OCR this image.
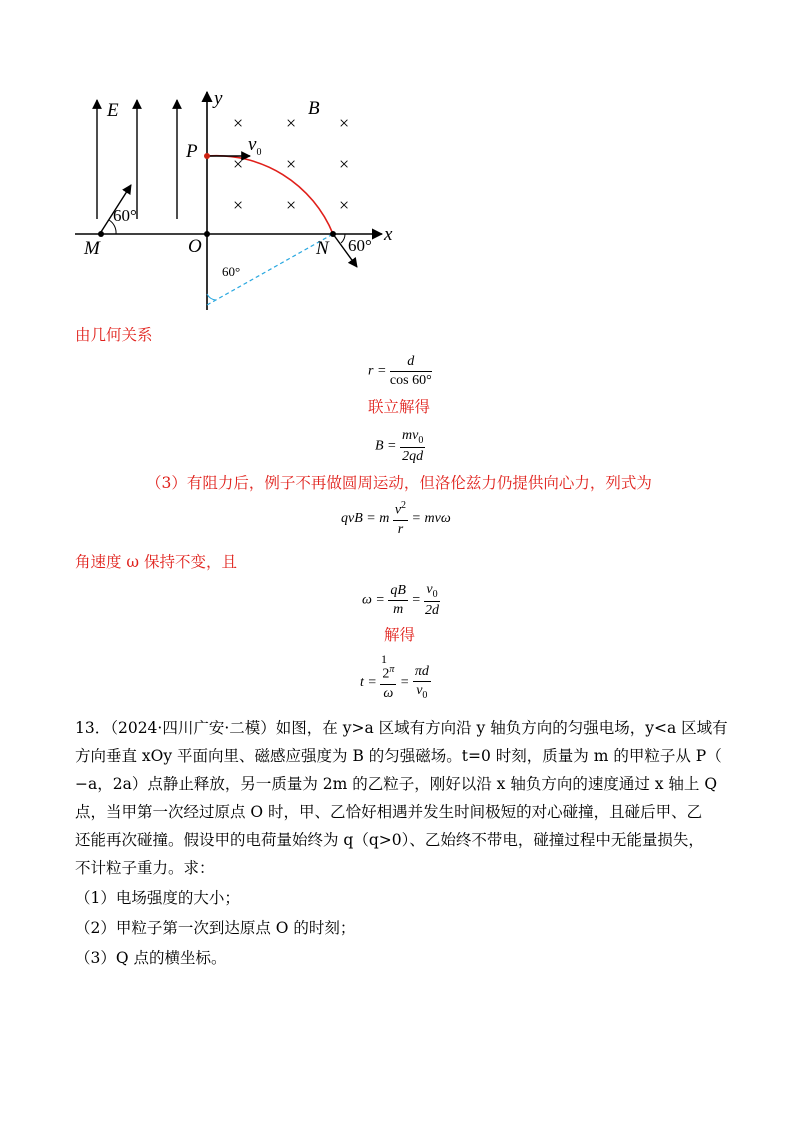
E
y	B
P	$v_0$
M	O	N
x
60°
60°
60°
× × ×
× × ×
× × ×
由几何关系
$r = \frac{d}{\cos 60^\circ}$
联立解得
$B = \frac{mv_0}{2qd}$
（3）有阻力后，例子不再做圆周运动，但洛伦兹力仍提供向心力，列式为
qvB = m $\frac{v^2}{r} = mv\omega$
角速度 ω 保持不变，且
$\omega = \frac{qB}{m} = \frac{v_0}{2d}$
解得
1
$t = \frac{2^\pi}{\omega} = \frac{\pi d}{v_0}$
13．（2024·四川广安·二模）如图，在 y>a 区域有方向沿 y 轴负方向的匀强电场，y<a 区域有
方向垂直 xOy 平面向里、磁感应强度为 B 的匀强磁场。t=0 时刻，质量为 m 的甲粒子从 P（
−a，2a）点静止释放，另一质量为 2m 的乙粒子，刚好以沿 x 轴负方向的速度通过 x 轴上 Q
点，当甲第一次经过原点 O 时，甲、乙恰好相遇并发生时间极短的对心碰撞，且碰后甲、乙
还能再次碰撞。假设甲的电荷量始终为 q（q>0）、乙始终不带电，碰撞过程中无能量损失，
不计粒子重力。求：
（1）电场强度的大小；
（2）甲粒子第一次到达原点 O 的时刻；
（3）Q 点的横坐标。
